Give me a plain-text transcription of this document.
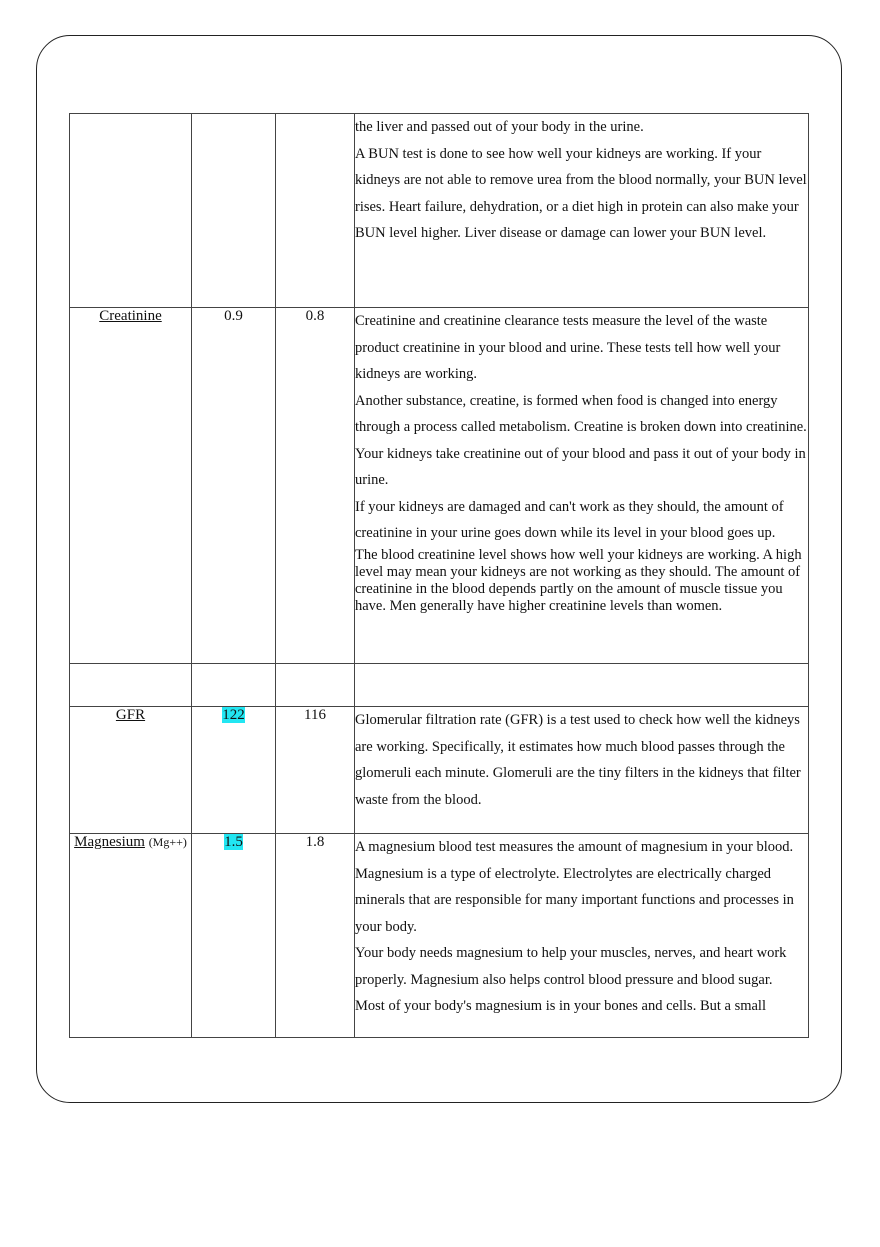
			the liver and passed out of your body in the urine.

A BUN test is done to see how well your kidneys are working. If your kidneys are not able to remove urea from the blood normally, your BUN level rises. Heart failure, dehydration, or a diet high in protein can also make your BUN level higher. Liver disease or damage can lower your BUN level.

Creatinine	0.9	0.8	Creatinine and creatinine clearance tests measure the level of the waste product creatinine in your blood and urine. These tests tell how well your kidneys are working.

Another substance, creatine, is formed when food is changed into energy through a process called metabolism. Creatine is broken down into creatinine. Your kidneys take creatinine out of your blood and pass it out of your body in urine.

If your kidneys are damaged and can't work as they should, the amount of creatinine in your urine goes down while its level in your blood goes up.

The blood creatinine level shows how well your kidneys are working. A high level may mean your kidneys are not working as they should. The amount of creatinine in the blood depends partly on the amount of muscle tissue you have. Men generally have higher creatinine levels than women.

GFR	122	116	Glomerular filtration rate (GFR) is a test used to check how well the kidneys are working. Specifically, it estimates how much blood passes through the glomeruli each minute. Glomeruli are the tiny filters in the kidneys that filter waste from the blood.

Magnesium (Mg++)	1.5	1.8	A magnesium blood test measures the amount of magnesium in your blood. Magnesium is a type of electrolyte. Electrolytes are electrically charged minerals that are responsible for many important functions and processes in your body.

Your body needs magnesium to help your muscles, nerves, and heart work properly. Magnesium also helps control blood pressure and blood sugar.

Most of your body's magnesium is in your bones and cells. But a small
